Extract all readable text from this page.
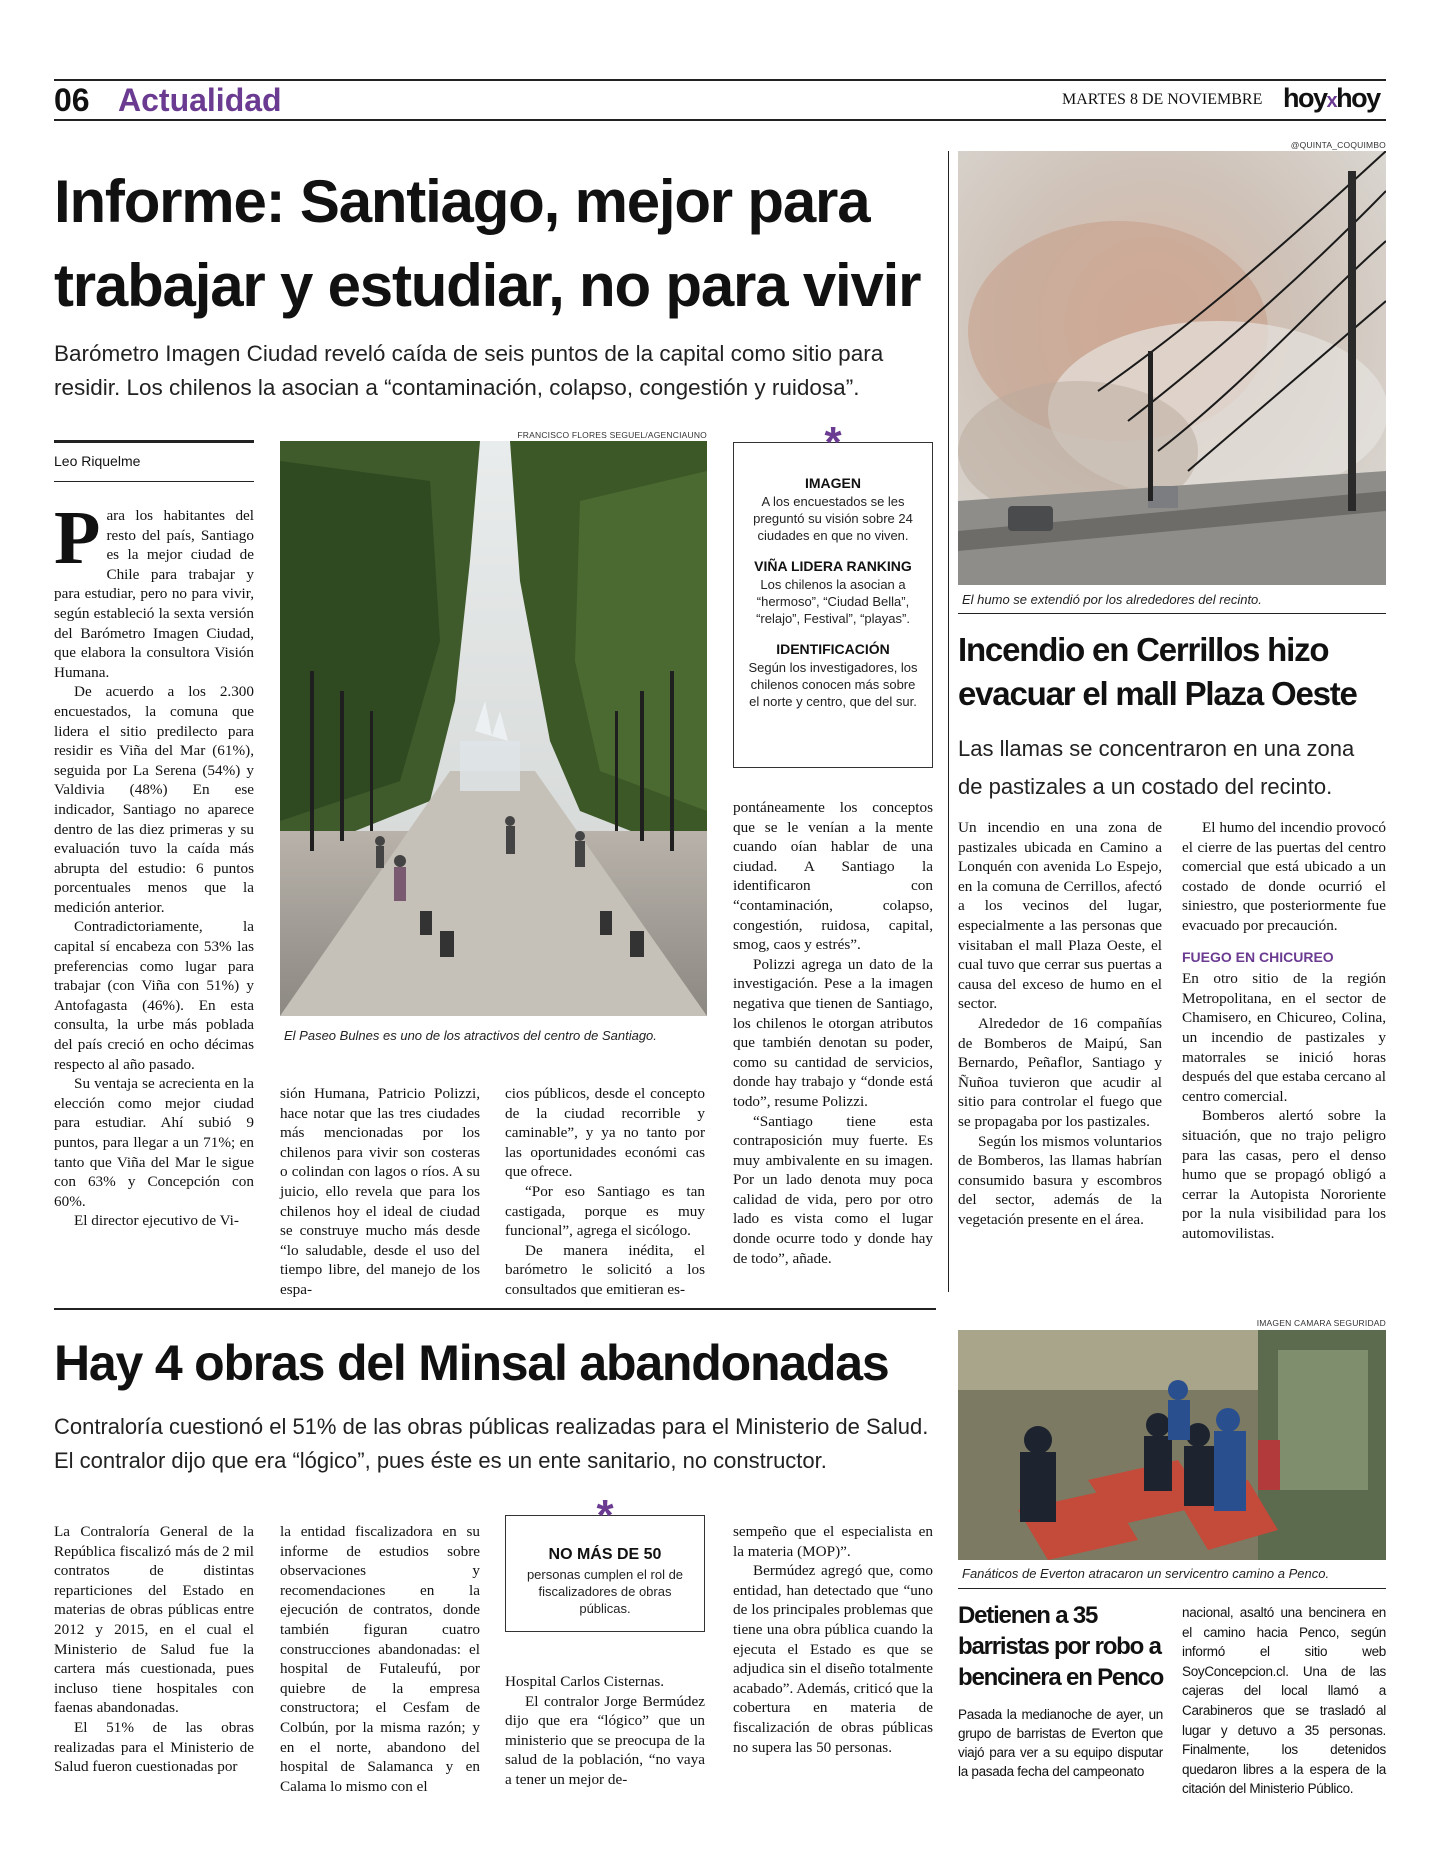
06 Actualidad	MARTES 8 DE NOVIEMBRE hoyxhoy
Informe: Santiago, mejor para trabajar y estudiar, no para vivir
Barómetro Imagen Ciudad reveló caída de seis puntos de la capital como sitio para residir. Los chilenos la asocian a “contaminación, colapso, congestión y ruidosa”.
Leo Riquelme

Para los habitantes del resto del país, Santiago es la mejor ciudad de Chile para trabajar y para estudiar, pero no para vivir, según estableció la sexta versión del Barómetro Imagen Ciudad, que elabora la consultora Visión Humana.

De acuerdo a los 2.300 encuestados, la comuna que lidera el sitio predilecto para residir es Viña del Mar (61%), seguida por La Serena (54%) y Valdivia (48%) En ese indicador, Santiago no aparece dentro de las diez primeras y su evaluación tuvo la caída más abrupta del estudio: 6 puntos porcentuales menos que la medición anterior.

Contradictoriamente, la capital sí encabeza con 53% las preferencias como lugar para trabajar (con Viña con 51%) y Antofagasta (46%). En esta consulta, la urbe más poblada del país creció en ocho décimas respecto al año pasado.

Su ventaja se acrecienta en la elección como mejor ciudad para estudiar. Ahí subió 9 puntos, para llegar a un 71%; en tanto que Viña del Mar le sigue con 63% y Concepción con 60%.

El director ejecutivo de Vi-

FRANCISCO FLORES SEGUEL/AGENCIAUNO
El Paseo Bulnes es uno de los atractivos del centro de Santiago.

sión Humana, Patricio Polizzi, hace notar que las tres ciudades más mencionadas por los chilenos para vivir son costeras o colindan con lagos o ríos. A su juicio, ello revela que para los chilenos hoy el ideal de ciudad se construye mucho más desde “lo saludable, desde el uso del tiempo libre, del manejo de los espa-

cios públicos, desde el concepto de la ciudad recorrible y caminable”, y ya no tanto por las oportunidades económi cas que ofrece.

“Por eso Santiago es tan castigada, porque es muy funcional”, agrega el sicólogo.

De manera inédita, el barómetro le solicitó a los consultados que emitieran es-

*
IMAGEN

A los encuestados se les preguntó su visión sobre 24 ciudades en que no viven.

VIÑA LIDERA RANKING

Los chilenos la asocian a “hermoso”, “Ciudad Bella”, “relajo”, Festival”, “playas”.

IDENTIFICACIÓN

Según los investigadores, los chilenos conocen más sobre el norte y centro, que del sur.

pontáneamente los conceptos que se le venían a la mente cuando oían hablar de una ciudad. A Santiago la identificaron con “contaminación, colapso, congestión, ruidosa, capital, smog, caos y estrés”.

Polizzi agrega un dato de la investigación. Pese a la imagen negativa que tienen de Santiago, los chilenos le otorgan atributos que también denotan su poder, como su cantidad de servicios, donde hay trabajo y “donde está todo”, resume Polizzi.

“Santiago tiene esta contraposición muy fuerte. Es muy ambivalente en su imagen. Por un lado denota muy poca calidad de vida, pero por otro lado es vista como el lugar donde ocurre todo y donde hay de todo”, añade.

@QUINTA_COQUIMBO
El humo se extendió por los alrededores del recinto.
Incendio en Cerrillos hizo evacuar el mall Plaza Oeste
Las llamas se concentraron en una zona de pastizales a un costado del recinto.

Un incendio en una zona de pastizales ubicada en Camino a Lonquén con avenida Lo Espejo, en la comuna de Cerrillos, afectó a los vecinos del lugar, especialmente a las personas que visitaban el mall Plaza Oeste, el cual tuvo que cerrar sus puertas a causa del exceso de humo en el sector.

Alrededor de 16 compañías de Bomberos de Maipú, San Bernardo, Peñaflor, Santiago y Ñuñoa tuvieron que acudir al sitio para controlar el fuego que se propagaba por los pastizales.

Según los mismos voluntarios de Bomberos, las llamas habrían consumido basura y escombros del sector, además de la vegetación presente en el área.

El humo del incendio provocó el cierre de las puertas del centro comercial que está ubicado a un costado de donde ocurrió el siniestro, que posteriormente fue evacuado por precaución.

FUEGO EN CHICUREO

En otro sitio de la región Metropolitana, en el sector de Chamisero, en Chicureo, Colina, un incendio de pastizales y matorrales se inició horas después del que estaba cercano al centro comercial.

Bomberos alertó sobre la situación, que no trajo peligro para las casas, pero el denso humo que se propagó obligó a cerrar la Autopista Nororiente por la nula visibilidad para los automovilistas.

Hay 4 obras del Minsal abandonadas
Contraloría cuestionó el 51% de las obras públicas realizadas para el Ministerio de Salud. El contralor dijo que era “lógico”, pues éste es un ente sanitario, no constructor.

La Contraloría General de la República fiscalizó más de 2 mil contratos de distintas reparticiones del Estado en materias de obras públicas entre 2012 y 2015, en el cual el Ministerio de Salud fue la cartera más cuestionada, pues incluso tiene hospitales con faenas abandonadas.

El 51% de las obras realizadas para el Ministerio de Salud fueron cuestionadas por

la entidad fiscalizadora en su informe de estudios sobre observaciones y recomendaciones en la ejecución de contratos, donde también figuran cuatro construcciones abandonadas: el hospital de Futaleufú, por quiebre de la empresa constructora; el Cesfam de Colbún, por la misma razón; y en el norte, abandono del hospital de Salamanca y en Calama lo mismo con el

*
NO MÁS DE 50

personas cumplen el rol de fiscalizadores de obras públicas.

Hospital Carlos Cisternas.

El contralor Jorge Bermúdez dijo que era “lógico” que un ministerio que se preocupa de la salud de la población, “no vaya a tener un mejor de-

sempeño que el especialista en la materia (MOP)”.

Bermúdez agregó que, como entidad, han detectado que “uno de los principales problemas que tiene una obra pública cuando la ejecuta el Estado es que se adjudica sin el diseño totalmente acabado”. Además, criticó que la cobertura en materia de fiscalización de obras públicas no supera las 50 personas.

IMAGEN CAMARA SEGURIDAD
Fanáticos de Everton atracaron un servicentro camino a Penco.
Detienen a 35 barristas por robo a bencinera en Penco
Pasada la medianoche de ayer, un grupo de barristas de Everton que viajó para ver a su equipo disputar la pasada fecha del campeonato
nacional, asaltó una bencinera en el camino hacia Penco, según informó el sitio web SoyConcepcion.cl. Una de las cajeras del local llamó a Carabineros que se trasladó al lugar y detuvo a 35 personas. Finalmente, los detenidos quedaron libres a la espera de la citación del Ministerio Público.
